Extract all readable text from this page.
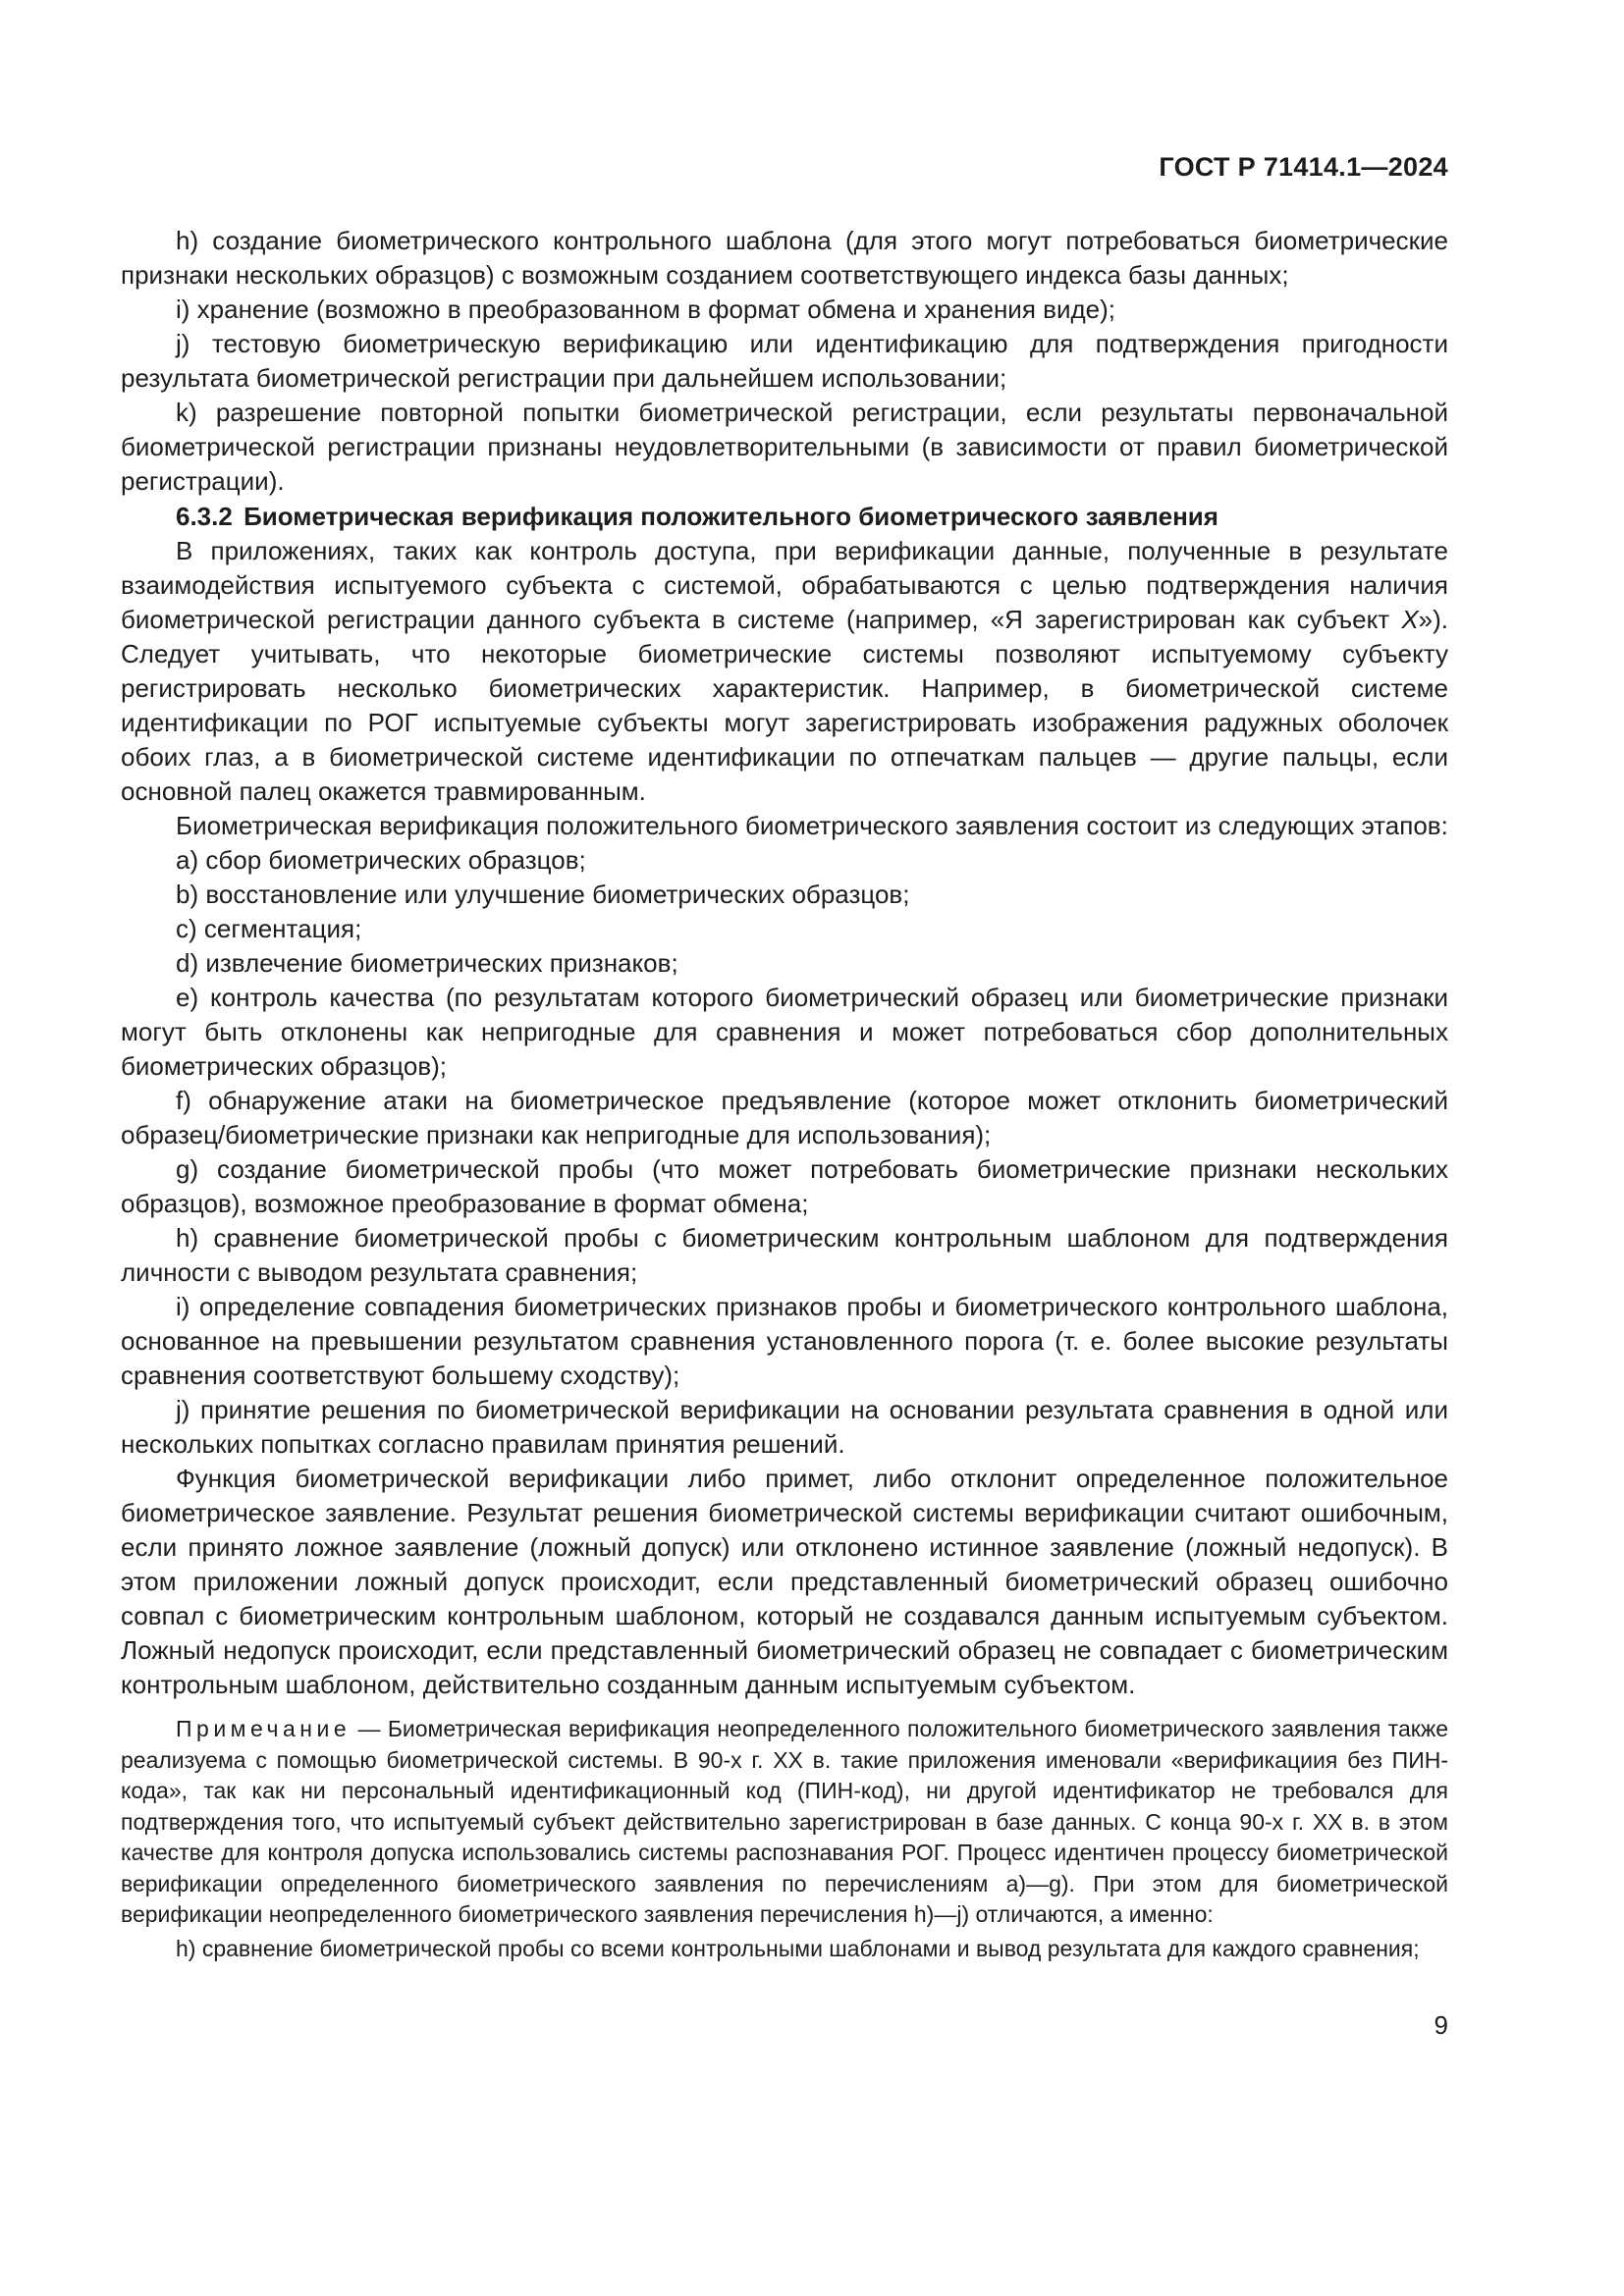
ГОСТ Р 71414.1—2024

h) создание биометрического контрольного шаблона (для этого могут потребоваться биометрические признаки нескольких образцов) с возможным созданием соответствующего индекса базы данных;

i) хранение (возможно в преобразованном в формат обмена и хранения виде);

j) тестовую биометрическую верификацию или идентификацию для подтверждения пригодности результата биометрической регистрации при дальнейшем использовании;

k) разрешение повторной попытки биометрической регистрации, если результаты первоначальной биометрической регистрации признаны неудовлетворительными (в зависимости от правил биометрической регистрации).

6.3.2 Биометрическая верификация положительного биометрического заявления

В приложениях, таких как контроль доступа, при верификации данные, полученные в результате взаимодействия испытуемого субъекта с системой, обрабатываются с целью подтверждения наличия биометрической регистрации данного субъекта в системе (например, «Я зарегистрирован как субъект X»). Следует учитывать, что некоторые биометрические системы позволяют испытуемому субъекту регистрировать несколько биометрических характеристик. Например, в биометрической системе идентификации по РОГ испытуемые субъекты могут зарегистрировать изображения радужных оболочек обоих глаз, а в биометрической системе идентификации по отпечаткам пальцев — другие пальцы, если основной палец окажется травмированным.

Биометрическая верификация положительного биометрического заявления состоит из следующих этапов:

a) сбор биометрических образцов;

b) восстановление или улучшение биометрических образцов;

c) сегментация;

d) извлечение биометрических признаков;

e) контроль качества (по результатам которого биометрический образец или биометрические признаки могут быть отклонены как непригодные для сравнения и может потребоваться сбор дополнительных биометрических образцов);

f) обнаружение атаки на биометрическое предъявление (которое может отклонить биометрический образец/биометрические признаки как непригодные для использования);

g) создание биометрической пробы (что может потребовать биометрические признаки нескольких образцов), возможное преобразование в формат обмена;

h) сравнение биометрической пробы с биометрическим контрольным шаблоном для подтверждения личности с выводом результата сравнения;

i) определение совпадения биометрических признаков пробы и биометрического контрольного шаблона, основанное на превышении результатом сравнения установленного порога (т. е. более высокие результаты сравнения соответствуют большему сходству);

j) принятие решения по биометрической верификации на основании результата сравнения в одной или нескольких попытках согласно правилам принятия решений.

Функция биометрической верификации либо примет, либо отклонит определенное положительное биометрическое заявление. Результат решения биометрической системы верификации считают ошибочным, если принято ложное заявление (ложный допуск) или отклонено истинное заявление (ложный недопуск). В этом приложении ложный допуск происходит, если представленный биометрический образец ошибочно совпал с биометрическим контрольным шаблоном, который не создавался данным испытуемым субъектом. Ложный недопуск происходит, если представленный биометрический образец не совпадает с биометрическим контрольным шаблоном, действительно созданным данным испытуемым субъектом.

Примечание — Биометрическая верификация неопределенного положительного биометрического заявления также реализуема с помощью биометрической системы. В 90-х г. XX в. такие приложения именовали «верификациия без ПИН-кода», так как ни персональный идентификационный код (ПИН-код), ни другой идентификатор не требовался для подтверждения того, что испытуемый субъект действительно зарегистрирован в базе данных. С конца 90-х г. XX в. в этом качестве для контроля допуска использовались системы распознавания РОГ. Процесс идентичен процессу биометрической верификации определенного биометрического заявления по перечислениям a)—g). При этом для биометрической верификации неопределенного биометрического заявления перечисления h)—j) отличаются, а именно:

h) сравнение биометрической пробы со всеми контрольными шаблонами и вывод результата для каждого сравнения;

9
